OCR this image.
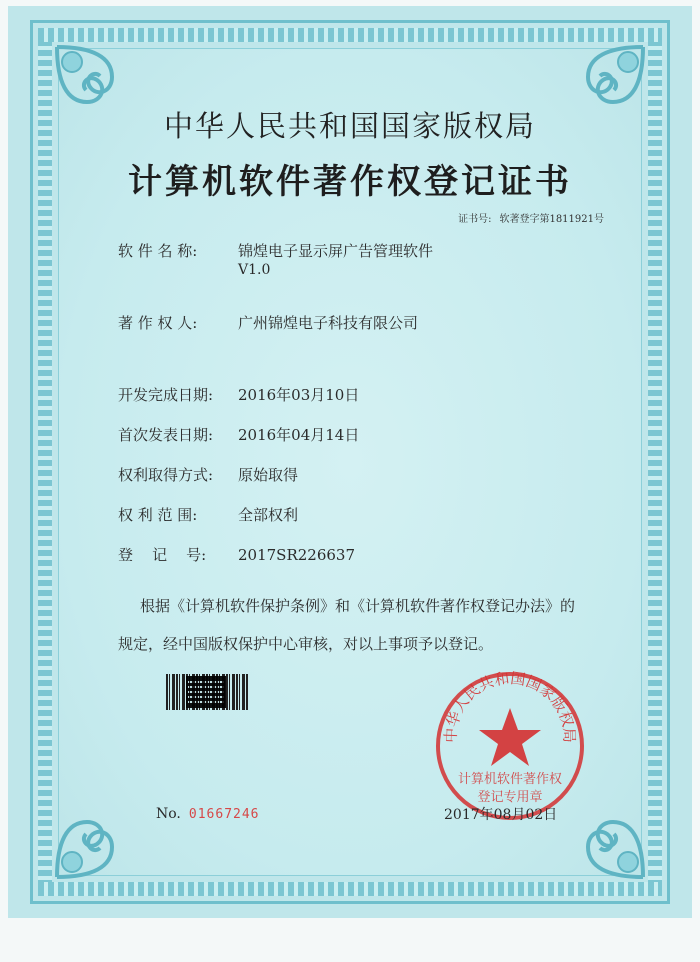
中华人民共和国国家版权局
计算机软件著作权登记证书
证书号: 软著登字第1811921号
软 件 名 称:	锦煌电子显示屏广告管理软件
V1.0
著 作 权 人:	广州锦煌电子科技有限公司
开发完成日期: 2016年03月10日
首次发表日期: 2016年04月14日
权利取得方式: 原始取得
权 利 范 围:	全部权利
登    记    号: 2017SR226637
根据《计算机软件保护条例》和《计算机软件著作权登记办法》的
规定，经中国版权保护中心审核，对以上事项予以登记。
中华人民共和国国家版权局
计算机软件著作权
登记专用章
No. 01667246	2017年08月02日
